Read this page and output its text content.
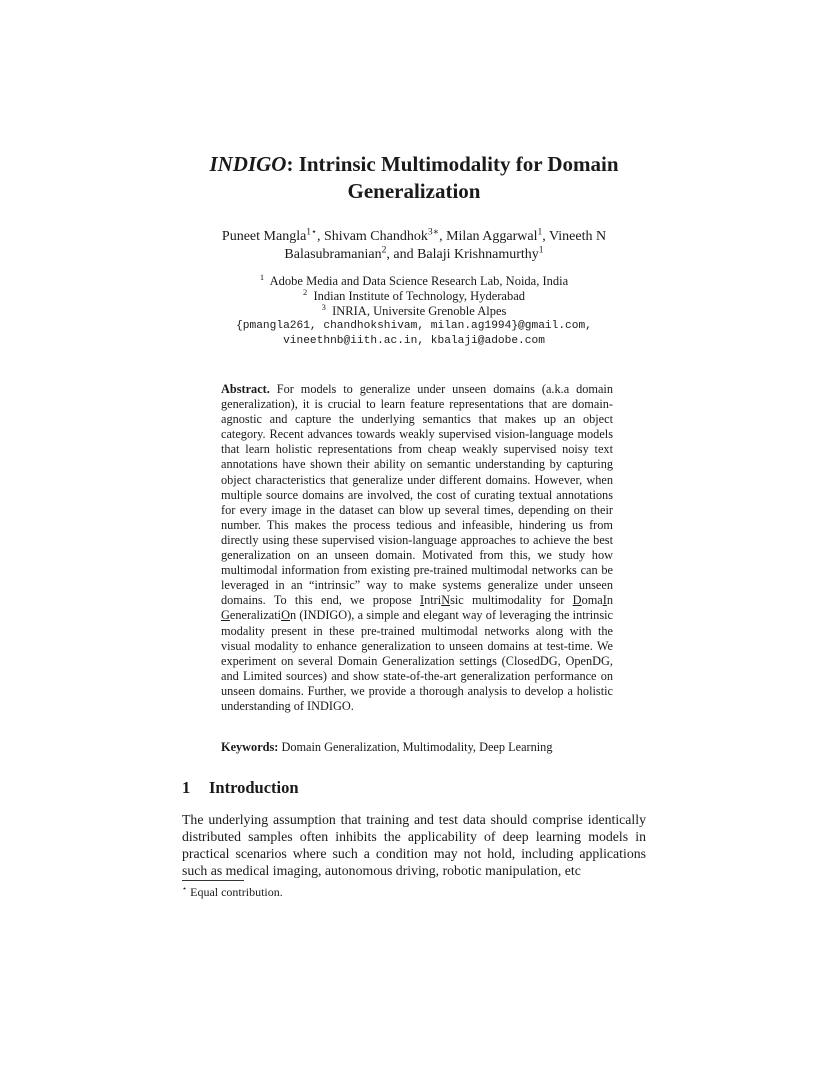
INDIGO: Intrinsic Multimodality for Domain
Generalization
Puneet Mangla$^{1⋆}$, Shivam Chandhok$^{3∗}$, Milan Aggarwal$^1$, Vineeth N
Balasubramanian$^2$, and Balaji Krishnamurthy$^1$
$^1$ Adobe Media and Data Science Research Lab, Noida, India
$^2$ Indian Institute of Technology, Hyderabad
$^3$ INRIA, Universite Grenoble Alpes
{pmangla261, chandhokshivam, milan.ag1994}@gmail.com,
vineethnb@iith.ac.in, kbalaji@adobe.com
Abstract. For models to generalize under unseen domains (a.k.a domain generalization), it is crucial to learn feature representations that are domain-agnostic and capture the underlying semantics that makes up an object category. Recent advances towards weakly supervised vision-language models that learn holistic representations from cheap weakly supervised noisy text annotations have shown their ability on semantic understanding by capturing object characteristics that generalize under different domains. However, when multiple source domains are involved, the cost of curating textual annotations for every image in the dataset can blow up several times, depending on their number. This makes the process tedious and infeasible, hindering us from directly using these supervised vision-language approaches to achieve the best generalization on an unseen domain. Motivated from this, we study how multimodal information from existing pre-trained multimodal networks can be leveraged in an “intrinsic” way to make systems generalize under unseen domains. To this end, we propose IntriNsic multimodality for DomaIn GeneralizatiOn (INDIGO), a simple and elegant way of leveraging the intrinsic modality present in these pre-trained multimodal networks along with the visual modality to enhance generalization to unseen domains at test-time. We experiment on several Domain Generalization settings (ClosedDG, OpenDG, and Limited sources) and show state-of-the-art generalization performance on unseen domains. Further, we provide a thorough analysis to develop a holistic understanding of INDIGO.
Keywords: Domain Generalization, Multimodality, Deep Learning
1 Introduction
The underlying assumption that training and test data should comprise identically distributed samples often inhibits the applicability of deep learning models in practical scenarios where such a condition may not hold, including applications such as medical imaging, autonomous driving, robotic manipulation, etc
⋆ Equal contribution.
